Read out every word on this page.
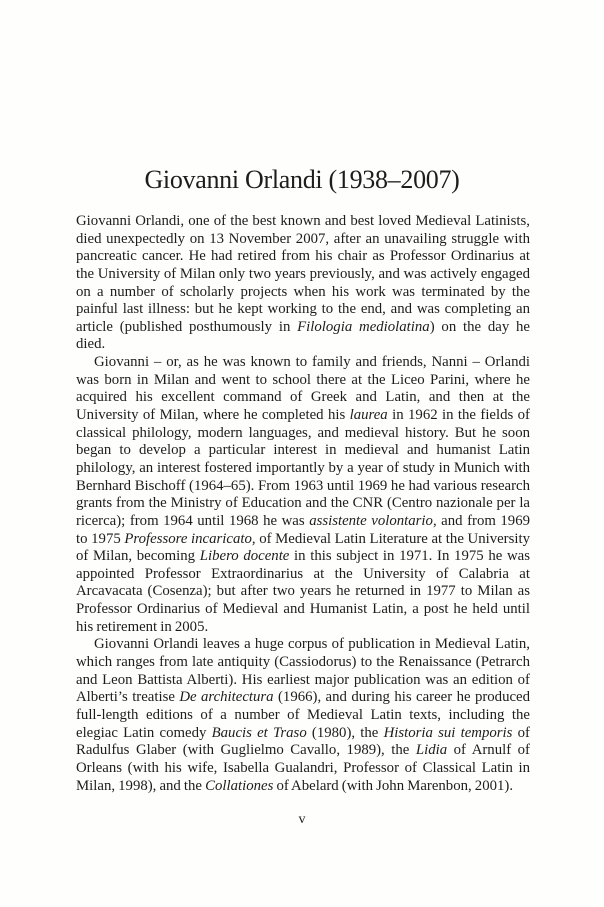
Giovanni Orlandi (1938–2007)
Giovanni Orlandi, one of the best known and best loved Medieval Latinists,
died unexpectedly on 13 November 2007, after an unavailing struggle with
pancreatic cancer. He had retired from his chair as Professor Ordinarius at
the University of Milan only two years previously, and was actively engaged
on a number of scholarly projects when his work was terminated by the
painful last illness: but he kept working to the end, and was completing an
article (published posthumously in Filologia mediolatina) on the day he
died.
Giovanni – or, as he was known to family and friends, Nanni – Orlandi
was born in Milan and went to school there at the Liceo Parini, where he
acquired his excellent command of Greek and Latin, and then at the
University of Milan, where he completed his laurea in 1962 in the fields of
classical philology, modern languages, and medieval history. But he soon
began to develop a particular interest in medieval and humanist Latin
philology, an interest fostered importantly by a year of study in Munich with
Bernhard Bischoff (1964–65). From 1963 until 1969 he had various research
grants from the Ministry of Education and the CNR (Centro nazionale per la
ricerca); from 1964 until 1968 he was assistente volontario, and from 1969
to 1975 Professore incaricato, of Medieval Latin Literature at the University
of Milan, becoming Libero docente in this subject in 1971. In 1975 he was
appointed Professor Extraordinarius at the University of Calabria at
Arcavacata (Cosenza); but after two years he returned in 1977 to Milan as
Professor Ordinarius of Medieval and Humanist Latin, a post he held until
his retirement in 2005.
Giovanni Orlandi leaves a huge corpus of publication in Medieval Latin,
which ranges from late antiquity (Cassiodorus) to the Renaissance (Petrarch
and Leon Battista Alberti). His earliest major publication was an edition of
Alberti’s treatise De architectura (1966), and during his career he produced
full-length editions of a number of Medieval Latin texts, including the
elegiac Latin comedy Baucis et Traso (1980), the Historia sui temporis of
Radulfus Glaber (with Guglielmo Cavallo, 1989), the Lidia of Arnulf of
Orleans (with his wife, Isabella Gualandri, Professor of Classical Latin in
Milan, 1998), and the Collationes of Abelard (with John Marenbon, 2001).
v
